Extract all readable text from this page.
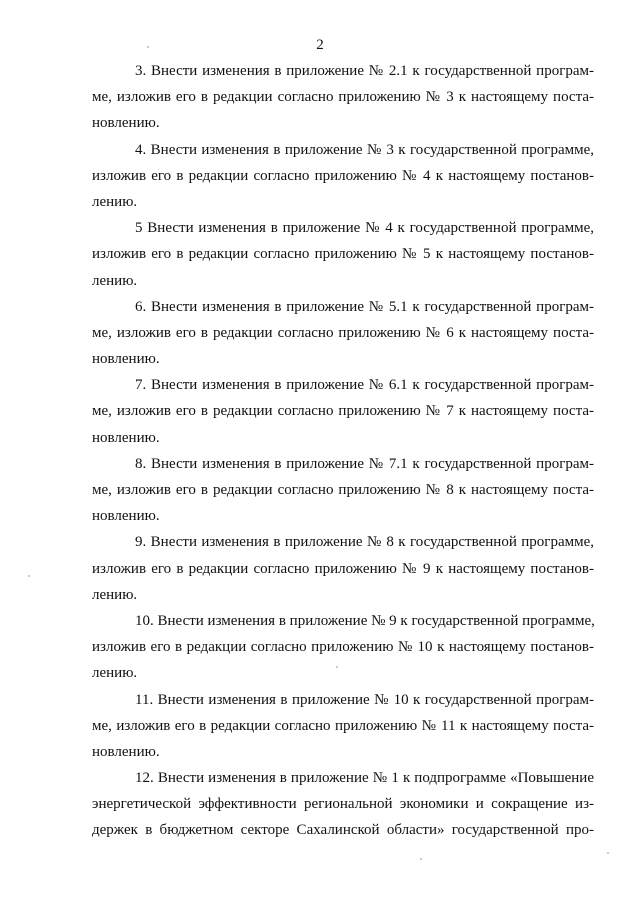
2

3. Внести изменения в приложение № 2.1 к государственной програм-
ме, изложив его в редакции согласно приложению № 3 к настоящему поста-
новлению.

4. Внести изменения в приложение № 3 к государственной программе,
изложив его в редакции согласно приложению № 4 к настоящему постанов-
лению.

5 Внести изменения в приложение № 4 к государственной программе,
изложив его в редакции согласно приложению № 5 к настоящему постанов-
лению.

6. Внести изменения в приложение № 5.1 к государственной програм-
ме, изложив его в редакции согласно приложению № 6 к настоящему поста-
новлению.

7. Внести изменения в приложение № 6.1 к государственной програм-
ме, изложив его в редакции согласно приложению № 7 к настоящему поста-
новлению.

8. Внести изменения в приложение № 7.1 к государственной програм-
ме, изложив его в редакции согласно приложению № 8 к настоящему поста-
новлению.

9. Внести изменения в приложение № 8 к государственной программе,
изложив его в редакции согласно приложению № 9 к настоящему постанов-
лению.

10. Внести изменения в приложение № 9 к государственной программе,
изложив его в редакции согласно приложению № 10 к настоящему постанов-
лению.

11. Внести изменения в приложение № 10 к государственной програм-
ме, изложив его в редакции согласно приложению № 11 к настоящему поста-
новлению.

12. Внести изменения в приложение № 1 к подпрограмме «Повышение
энергетической эффективности региональной экономики и сокращение из-
держек в бюджетном секторе Сахалинской области» государственной про-
